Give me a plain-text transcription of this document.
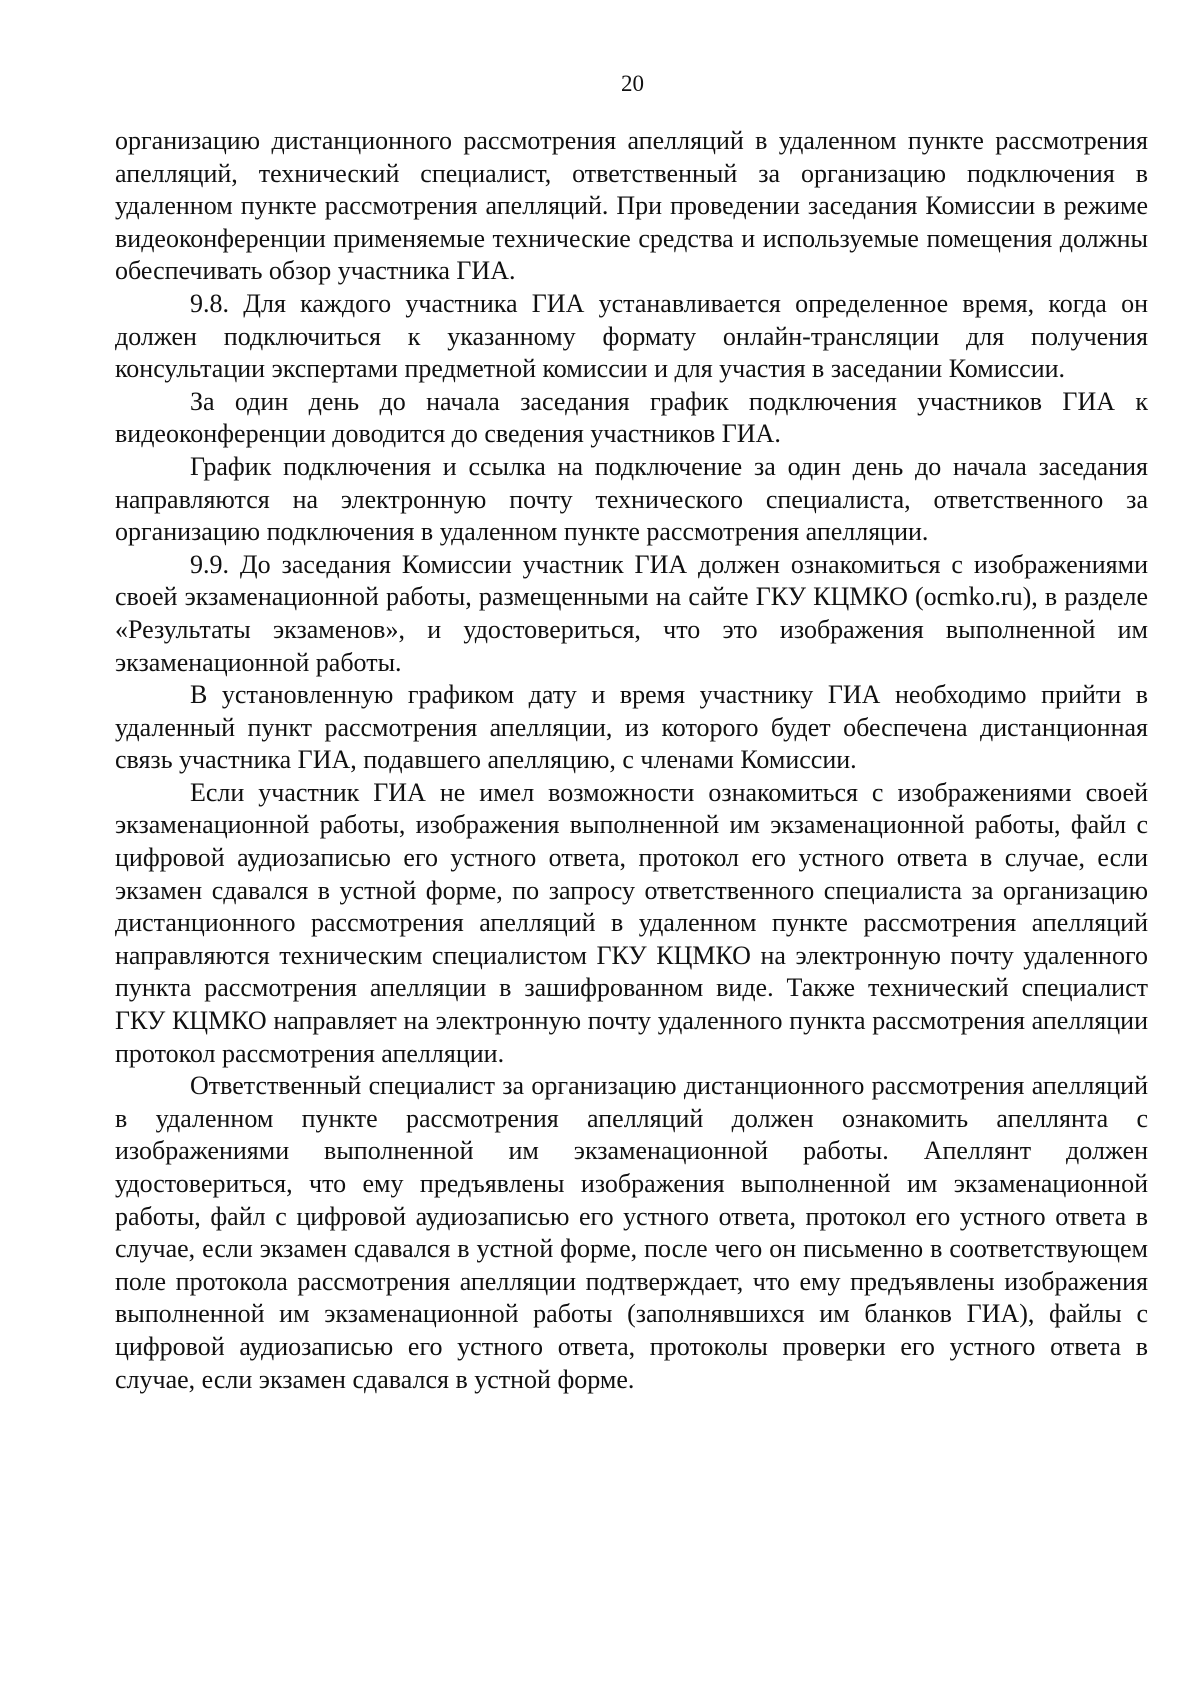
20

организацию дистанционного рассмотрения апелляций в удаленном пункте рассмотрения апелляций, технический специалист, ответственный за организацию подключения в удаленном пункте рассмотрения апелляций. При проведении заседания Комиссии в режиме видеоконференции применяемые технические средства и используемые помещения должны обеспечивать обзор участника ГИА.

9.8. Для каждого участника ГИА устанавливается определенное время, когда он должен подключиться к указанному формату онлайн-трансляции для получения консультации экспертами предметной комиссии и для участия в заседании Комиссии.

За один день до начала заседания график подключения участников ГИА к видеоконференции доводится до сведения участников ГИА.

График подключения и ссылка на подключение за один день до начала заседания направляются на электронную почту технического специалиста, ответственного за организацию подключения в удаленном пункте рассмотрения апелляции.

9.9. До заседания Комиссии участник ГИА должен ознакомиться с изображениями своей экзаменационной работы, размещенными на сайте ГКУ КЦМКО (ocmko.ru), в разделе «Результаты экзаменов», и удостовериться, что это изображения выполненной им экзаменационной работы.

В установленную графиком дату и время участнику ГИА необходимо прийти в удаленный пункт рассмотрения апелляции, из которого будет обеспечена дистанционная связь участника ГИА, подавшего апелляцию, с членами Комиссии.

Если участник ГИА не имел возможности ознакомиться с изображениями своей экзаменационной работы, изображения выполненной им экзаменационной работы, файл с цифровой аудиозаписью его устного ответа, протокол его устного ответа в случае, если экзамен сдавался в устной форме, по запросу ответственного специалиста за организацию дистанционного рассмотрения апелляций в удаленном пункте рассмотрения апелляций направляются техническим специалистом ГКУ КЦМКО на электронную почту удаленного пункта рассмотрения апелляции в зашифрованном виде. Также технический специалист ГКУ КЦМКО направляет на электронную почту удаленного пункта рассмотрения апелляции протокол рассмотрения апелляции.

Ответственный специалист за организацию дистанционного рассмотрения апелляций в удаленном пункте рассмотрения апелляций должен ознакомить апеллянта с изображениями выполненной им экзаменационной работы. Апеллянт должен удостовериться, что ему предъявлены изображения выполненной им экзаменационной работы, файл с цифровой аудиозаписью его устного ответа, протокол его устного ответа в случае, если экзамен сдавался в устной форме, после чего он письменно в соответствующем поле протокола рассмотрения апелляции подтверждает, что ему предъявлены изображения выполненной им экзаменационной работы (заполнявшихся им бланков ГИА), файлы с цифровой аудиозаписью его устного ответа, протоколы проверки его устного ответа в случае, если экзамен сдавался в устной форме.
